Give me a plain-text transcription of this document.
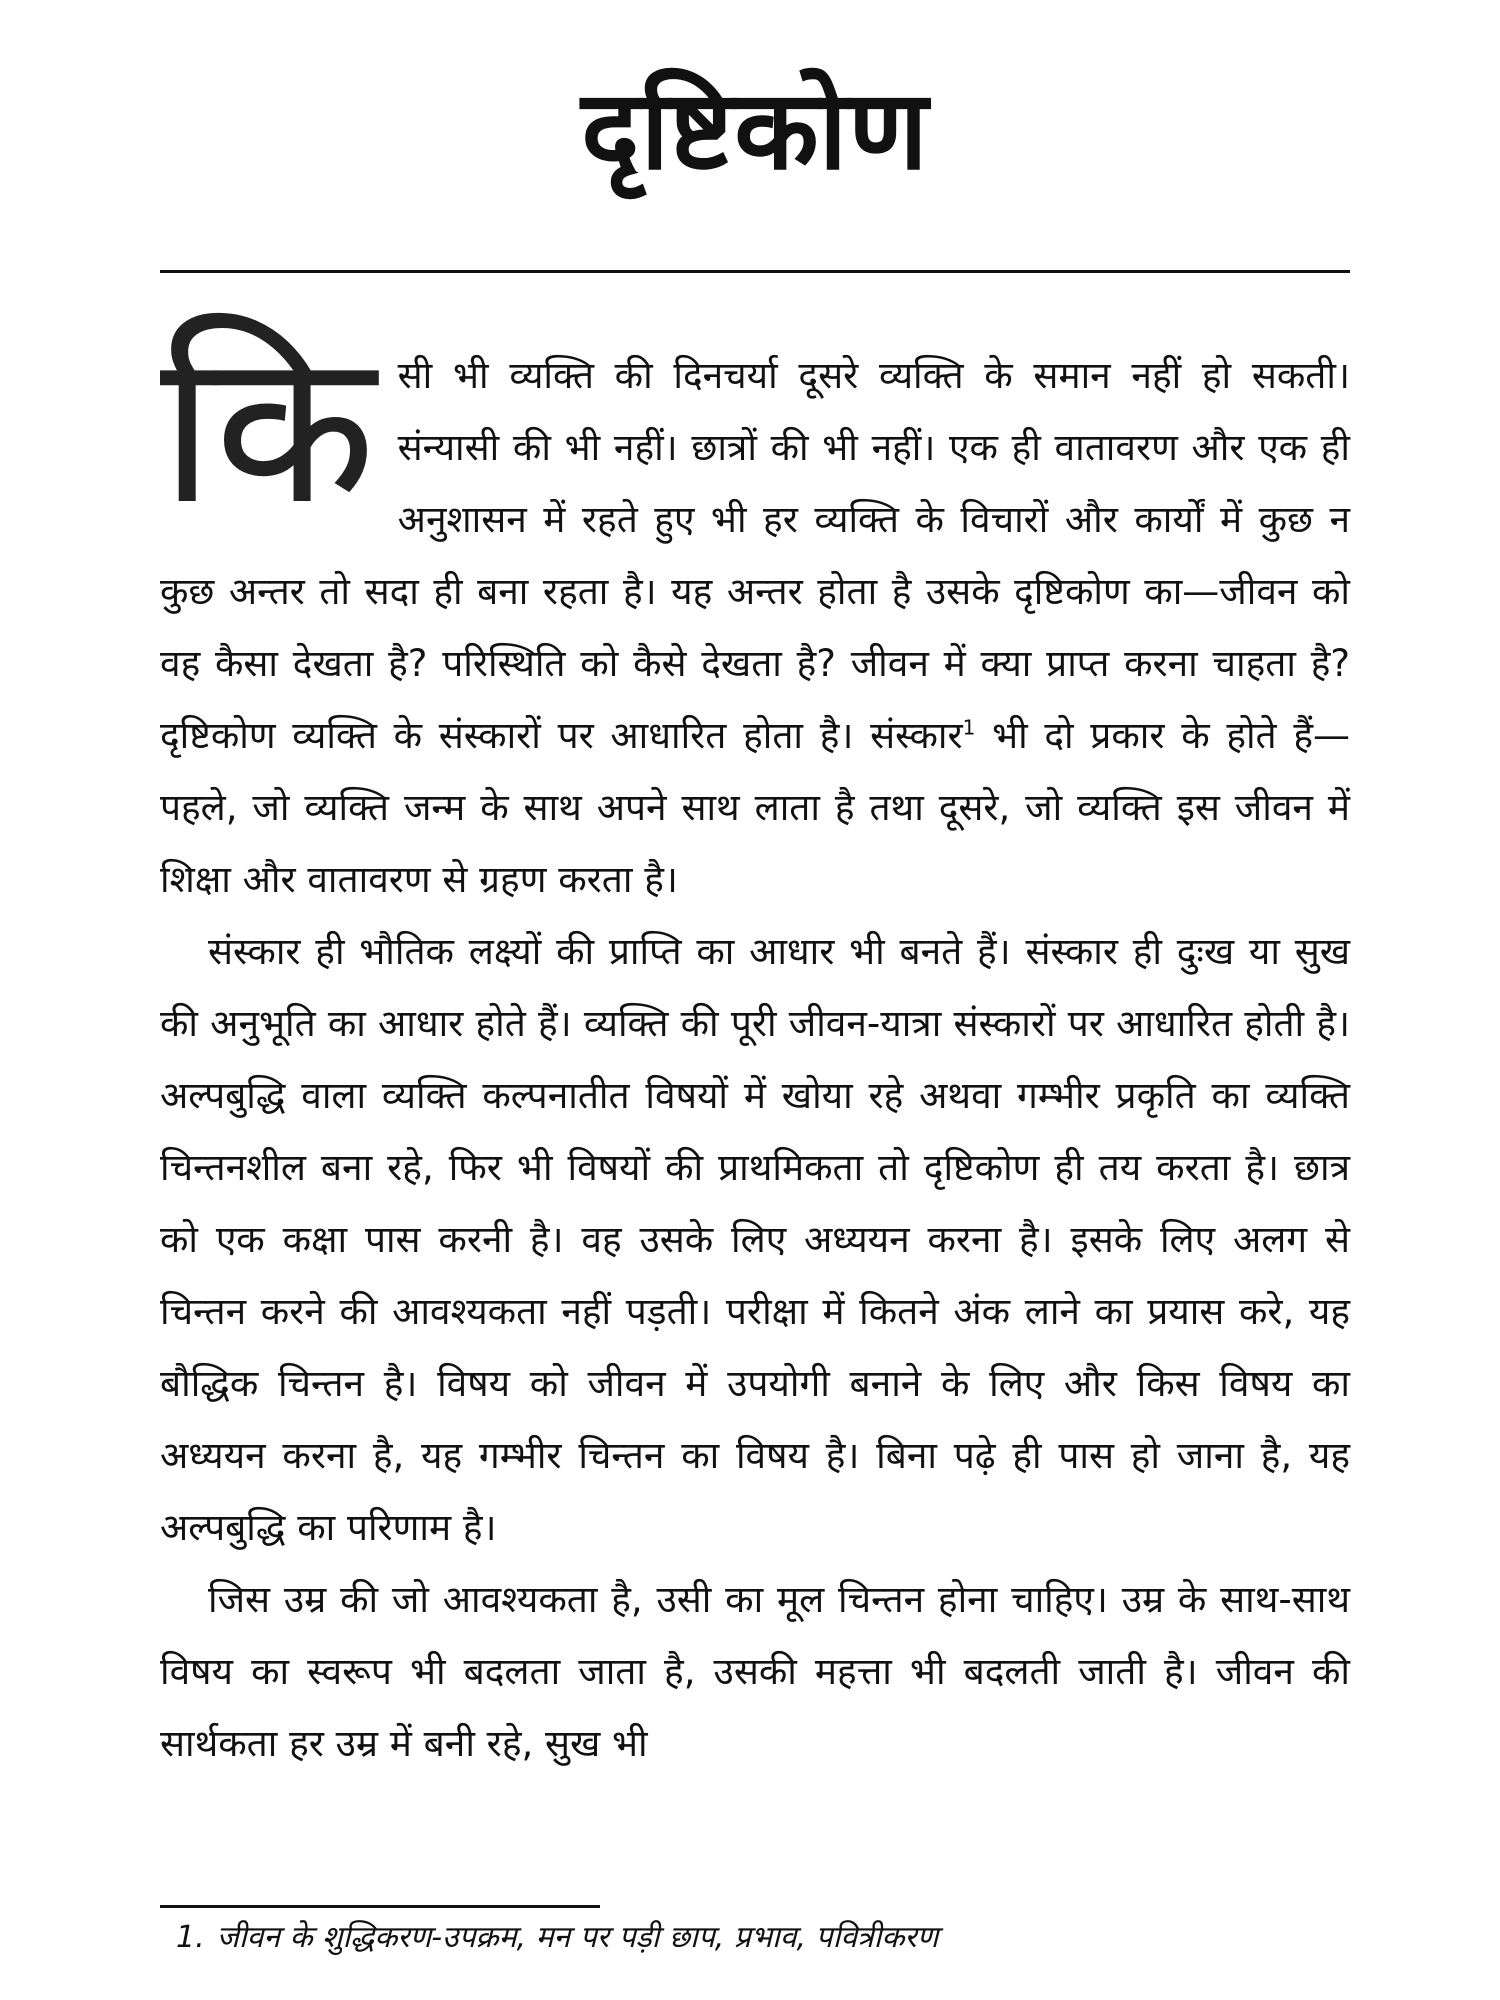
दृष्टिकोण

किसी भी व्यक्ति की दिनचर्या दूसरे व्यक्ति के समान नहीं हो सकती। संन्यासी की भी नहीं। छात्रों की भी नहीं। एक ही वातावरण और एक ही अनुशासन में रहते हुए भी हर व्यक्ति के विचारों और कार्यों में कुछ न कुछ अन्तर तो सदा ही बना रहता है। यह अन्तर होता है उसके दृष्टिकोण का—जीवन को वह कैसा देखता है? परिस्थिति को कैसे देखता है? जीवन में क्या प्राप्त करना चाहता है? दृष्टिकोण व्यक्ति के संस्कारों पर आधारित होता है। संस्कार$^1$ भी दो प्रकार के होते हैं—पहले, जो व्यक्ति जन्म के साथ अपने साथ लाता है तथा दूसरे, जो व्यक्ति इस जीवन में शिक्षा और वातावरण से ग्रहण करता है।

संस्कार ही भौतिक लक्ष्यों की प्राप्ति का आधार भी बनते हैं। संस्कार ही दुःख या सुख की अनुभूति का आधार होते हैं। व्यक्ति की पूरी जीवन-यात्रा संस्कारों पर आधारित होती है। अल्पबुद्धि वाला व्यक्ति कल्पनातीत विषयों में खोया रहे अथवा गम्भीर प्रकृति का व्यक्ति चिन्तनशील बना रहे, फिर भी विषयों की प्राथमिकता तो दृष्टिकोण ही तय करता है। छात्र को एक कक्षा पास करनी है। वह उसके लिए अध्ययन करना है। इसके लिए अलग से चिन्तन करने की आवश्यकता नहीं पड़ती। परीक्षा में कितने अंक लाने का प्रयास करे, यह बौद्धिक चिन्तन है। विषय को जीवन में उपयोगी बनाने के लिए और किस विषय का अध्ययन करना है, यह गम्भीर चिन्तन का विषय है। बिना पढ़े ही पास हो जाना है, यह अल्पबुद्धि का परिणाम है।

जिस उम्र की जो आवश्यकता है, उसी का मूल चिन्तन होना चाहिए। उम्र के साथ-साथ विषय का स्वरूप भी बदलता जाता है, उसकी महत्ता भी बदलती जाती है। जीवन की सार्थकता हर उम्र में बनी रहे, सुख भी

1. जीवन के शुद्धिकरण-उपक्रम, मन पर पड़ी छाप, प्रभाव, पवित्रीकरण
